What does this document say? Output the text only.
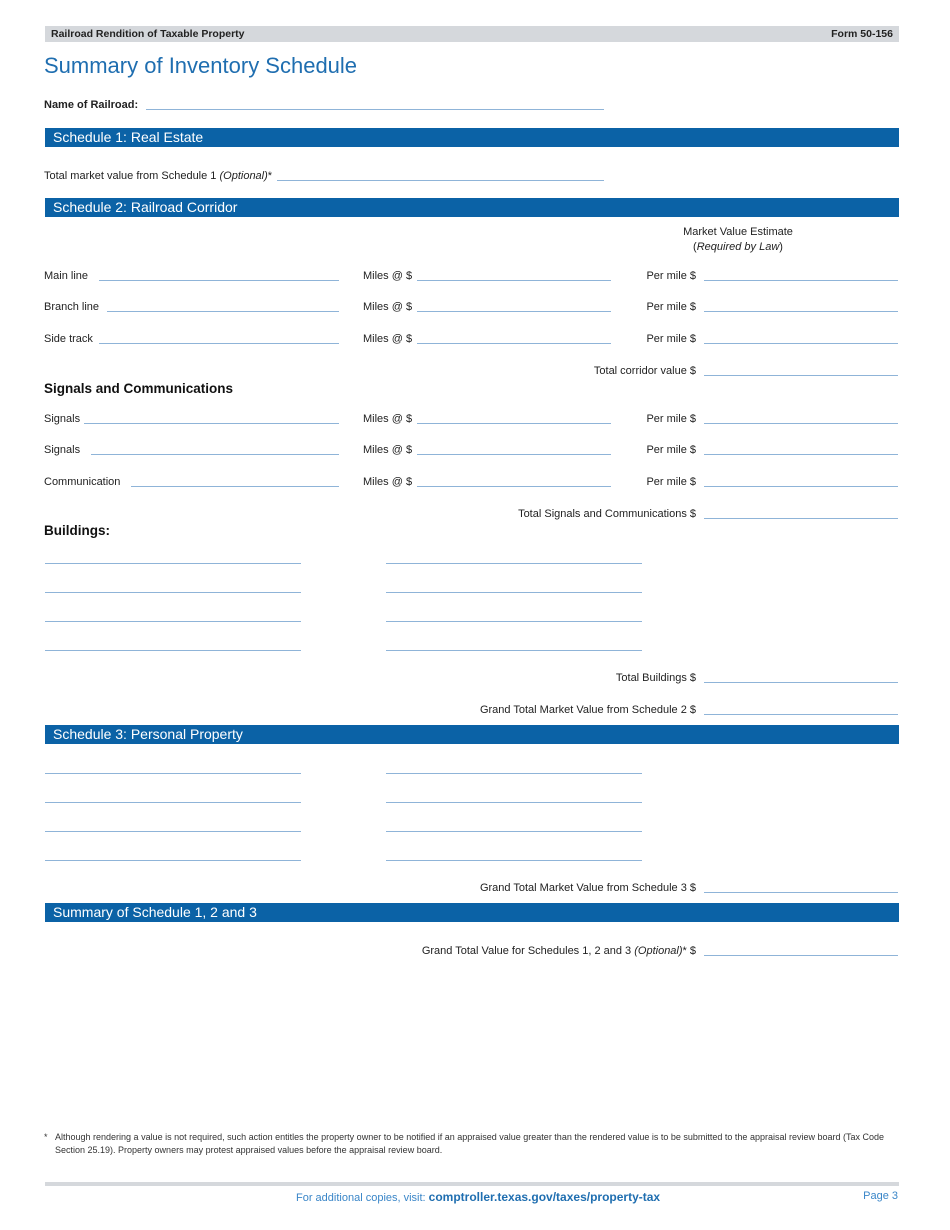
Railroad Rendition of Taxable Property	Form 50-156
Summary of Inventory Schedule
Name of Railroad:
Schedule 1: Real Estate
Total market value from Schedule 1 (Optional)*
Schedule 2: Railroad Corridor
Market Value Estimate
(Required by Law)
Main line	Miles @ $	Per mile $
Branch line	Miles @ $	Per mile $
Side track	Miles @ $	Per mile $
Total corridor value $
Signals and Communications
Signals	Miles @ $	Per mile $
Signals	Miles @ $	Per mile $
Communication	Miles @ $	Per mile $
Total Signals and Communications $
Buildings:
Total Buildings $
Grand Total Market Value from Schedule 2 $
Schedule 3: Personal Property
Grand Total Market Value from Schedule 3 $
Summary of Schedule 1, 2 and 3
Grand Total Value for Schedules 1, 2 and 3 (Optional)* $
* Although rendering a value is not required, such action entitles the property owner to be notified if an appraised value greater than the rendered value is to be submitted to the appraisal review board (Tax Code Section 25.19). Property owners may protest appraised values before the appraisal review board.
For additional copies, visit: comptroller.texas.gov/taxes/property-tax	Page 3
